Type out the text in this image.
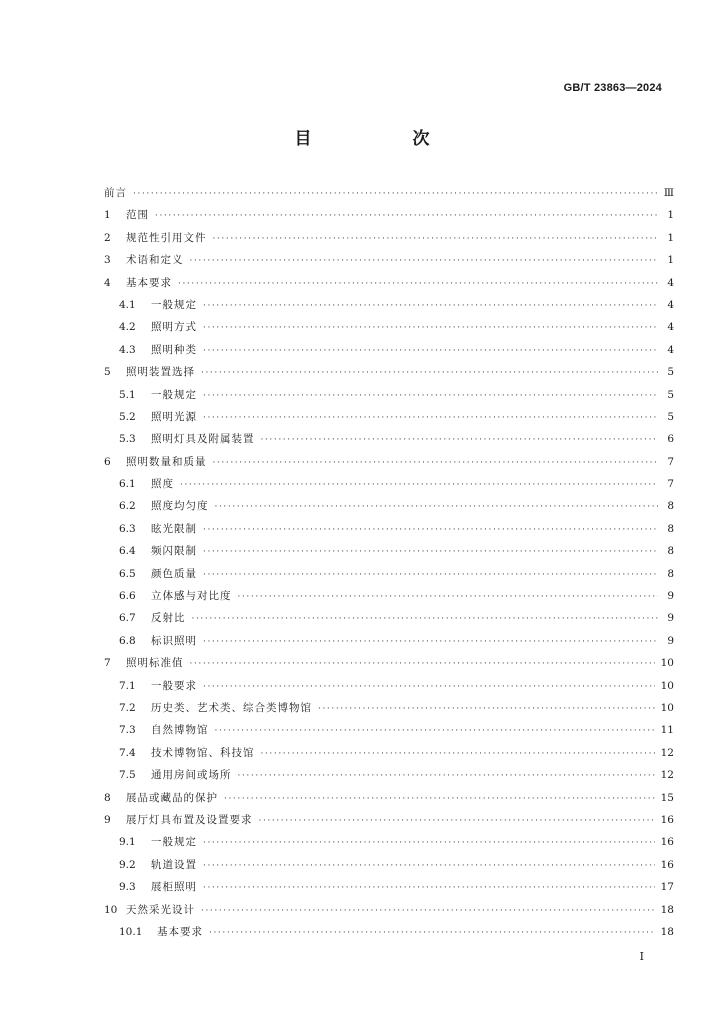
GB/T 23863—2024
目　次
前言 ·····	Ⅲ
1	范围 ·····	1
2	规范性引用文件 ·····	1
3	术语和定义 ·····	1
4	基本要求 ·····	4
4.1	一般规定 ·····	4
4.2	照明方式 ·····	4
4.3	照明种类 ·····	4
5	照明装置选择 ·····	5
5.1	一般规定 ·····	5
5.2	照明光源 ·····	5
5.3	照明灯具及附属装置 ·····	6
6	照明数量和质量 ·····	7
6.1	照度 ·····	7
6.2	照度均匀度 ·····	8
6.3	眩光限制 ·····	8
6.4	频闪限制 ·····	8
6.5	颜色质量 ·····	8
6.6	立体感与对比度 ·····	9
6.7	反射比 ·····	9
6.8	标识照明 ·····	9
7	照明标准值 ·····	10
7.1	一般要求 ·····	10
7.2	历史类、艺术类、综合类博物馆 ·····	10
7.3	自然博物馆 ·····	11
7.4	技术博物馆、科技馆 ·····	12
7.5	通用房间或场所 ·····	12
8	展品或藏品的保护 ·····	15
9	展厅灯具布置及设置要求 ·····	16
9.1	一般规定 ·····	16
9.2	轨道设置 ·····	16
9.3	展柜照明 ·····	17
10 天然采光设计 ·····	18
10.1	基本要求 ·····	18
Ⅰ
